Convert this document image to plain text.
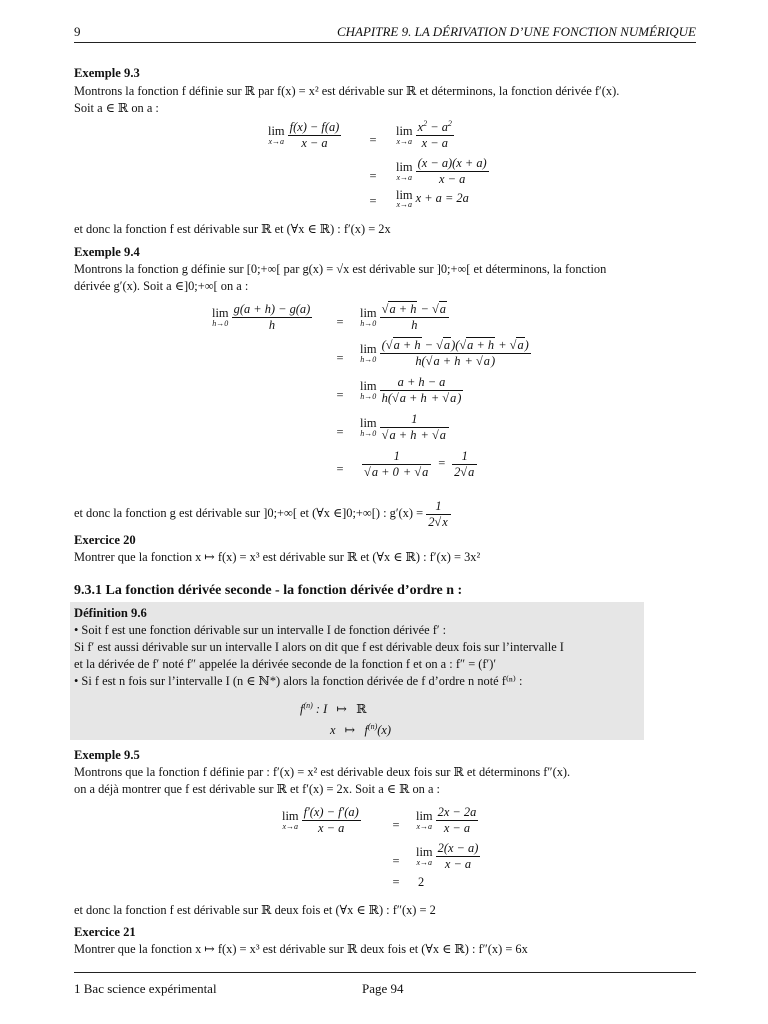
9	CHAPITRE 9. LA DÉRIVATION D’UNE FONCTION NUMÉRIQUE
Exemple 9.3
Montrons la fonction f définie sur ℝ par f(x) = x² est dérivable sur ℝ et déterminons, la fonction dérivée f′(x).
Soit a ∈ ℝ on a :
lim
x→a
$\frac{f(x) - f(a)}{x - a}$	=
lim
x→a
$\frac{x^2 - a^2}{x - a}$
=
lim
x→a
$\frac{(x - a)(x + a)}{x - a}$
=	lim
x→a x + a = 2a
et donc la fonction f est dérivable sur ℝ et (∀x ∈ ℝ) : f′(x) = 2x
Exemple 9.4
Montrons la fonction g définie sur [0;+∞[ par g(x) = √x est dérivable sur ]0;+∞[ et déterminons, la fonction
dérivée g′(x). Soit a ∈]0;+∞[ on a :
lim
h→0
$\frac{g(a + h) - g(a)}{h}$	=
lim
h→0
$\frac{√a + h - √a}{h}$
=
lim
h→0
$\frac{(√a + h - √a)(√a + h + √a)}{h(√a + h + √a)}$
=
lim
h→0
$\frac{a + h - a}{h(√a + h + √a)}$
=
lim
h→0
$\frac{1}{√a + h + √a}$
=	$\frac{1}{√a + 0 + √a} = \frac{1}{2√a}$
et donc la fonction g est dérivable sur ]0;+∞[ et (∀x ∈]0;+∞[) : $g'(x) = \frac{1}{2√x}$
Exercice 20
Montrer que la fonction x ↦ f(x) = x³ est dérivable sur ℝ et (∀x ∈ ℝ) : f′(x) = 3x²
9.3.1 La fonction dérivée seconde - la fonction dérivée d’ordre n :
Définition 9.6
• Soit f est une fonction dérivable sur un intervalle I de fonction dérivée f′ :
Si f′ est aussi dérivable sur un intervalle I alors on dit que f est dérivable deux fois sur l’intervalle I
et la dérivée de f′ noté f″ appelée la dérivée seconde de la fonction f et on a : f″ = (f′)′
• Si f est n fois sur l’intervalle I (n ∈ ℕ*) alors la fonction dérivée de f d’ordre n noté f⁽ⁿ⁾ :
$f^{(n)}$ : I   ↦   ℝ
x   ↦   $f^{(n)}(x)$
Exemple 9.5
Montrons que la fonction f définie par : f′(x) = x² est dérivable deux fois sur ℝ et déterminons f″(x).
on a déjà montrer que f est dérivable sur ℝ et f′(x) = 2x. Soit a ∈ ℝ on a :
lim
x→a
$\frac{f'(x) - f'(a)}{x - a}$	=
lim
x→a
$\frac{2x - 2a}{x - a}$
=
lim
x→a
$\frac{2(x - a)}{x - a}$
=	2
et donc la fonction f est dérivable sur ℝ deux fois et (∀x ∈ ℝ) : f″(x) = 2
Exercice 21
Montrer que la fonction x ↦ f(x) = x³ est dérivable sur ℝ deux fois et (∀x ∈ ℝ) : f″(x) = 6x
1 Bac science expérimental	Page 94
